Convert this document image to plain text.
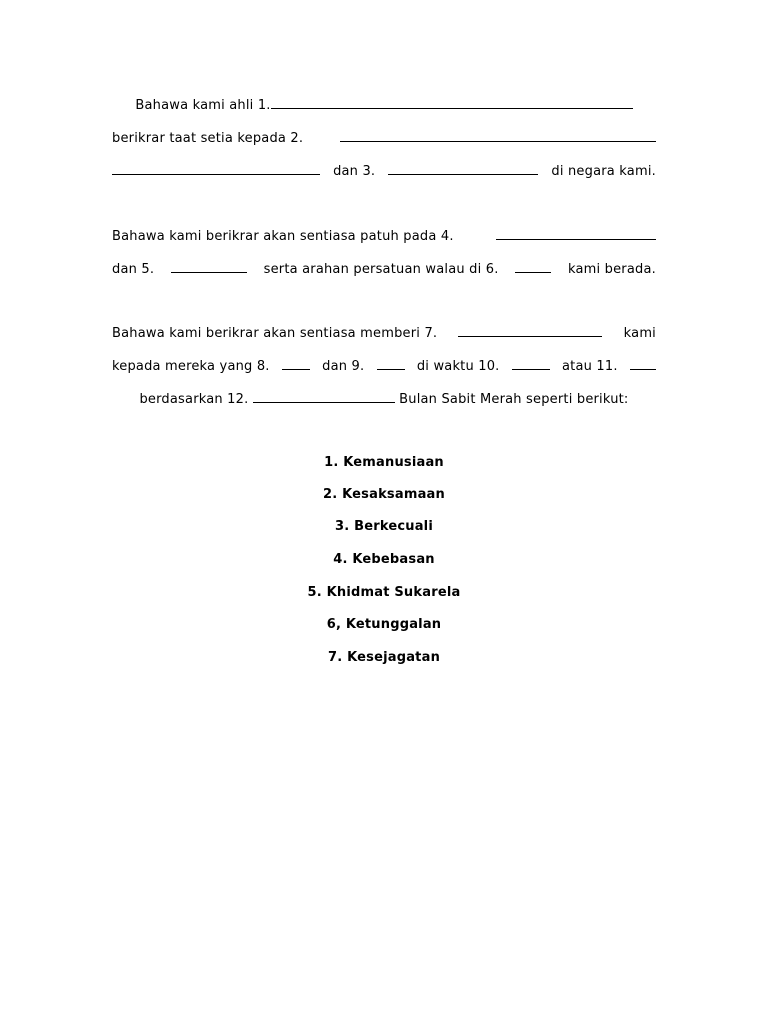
Bahawa kami ahli 1.
berikrar taat setia kepada 2.
dan 3.	di negara kami.
Bahawa kami berikrar akan sentiasa patuh pada 4.
dan 5.	serta arahan persatuan walau di 6.	kami berada.
Bahawa kami berikrar akan sentiasa memberi 7.	kami
kepada mereka yang 8.	dan 9.	di waktu 10.	atau 11.
berdasarkan 12.	Bulan Sabit Merah seperti berikut:
1. Kemanusiaan
2. Kesaksamaan
3. Berkecuali
4. Kebebasan
5. Khidmat Sukarela
6, Ketunggalan
7. Kesejagatan
